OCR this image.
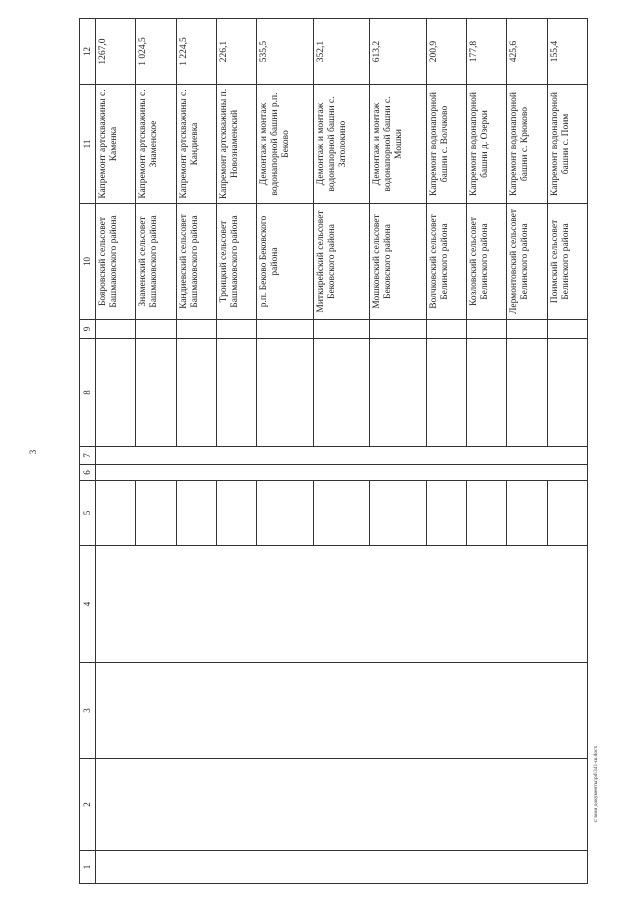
3
c:\мои документы\рd\341-ш.docx
1	2	3	4	5	6	7	8	9	10	11	12
									Бояровский сельсовет Башмаковского района	Капремонт артскважины с. Каменка	1267,0
									Знаменский сельсовет Башмаковского района	Капремонт артскважины с. Знаменское	1 024,5
									Кандиевский сельсовет Башмаковского района	Капремонт артскважины с. Кандиевка	1 224,5
									Троицкий сельсовет Башмаковского района	Капремонт артскважины п. Новознаменский	226,1
									р.п. Беково Бековского района	Демонтаж и монтаж водонапорной башни р.п. Беково	535,5
									Миткирейский сельсовет Бековского района	Демонтаж и монтаж водонапорной башни с. Затолокино	352,1
									Мошковский сельсовет Бековского района	Демонтаж и монтаж водонапорной башни с. Мошки	613,2
									Волчковский сельсовет Белинского района	Капремонт водонапорной башни с. Волчково	200,9
									Козловский сельсовет Белинского района	Капремонт водонапорной башни д. Озерки	177,8
									Лермонтовский сельсовет Белинского района	Капремонт водонапорной башни с. Крюково	425,6
									Поимский сельсовет Белинского района	Капремонт водонапорной башни с. Поим	155,4
